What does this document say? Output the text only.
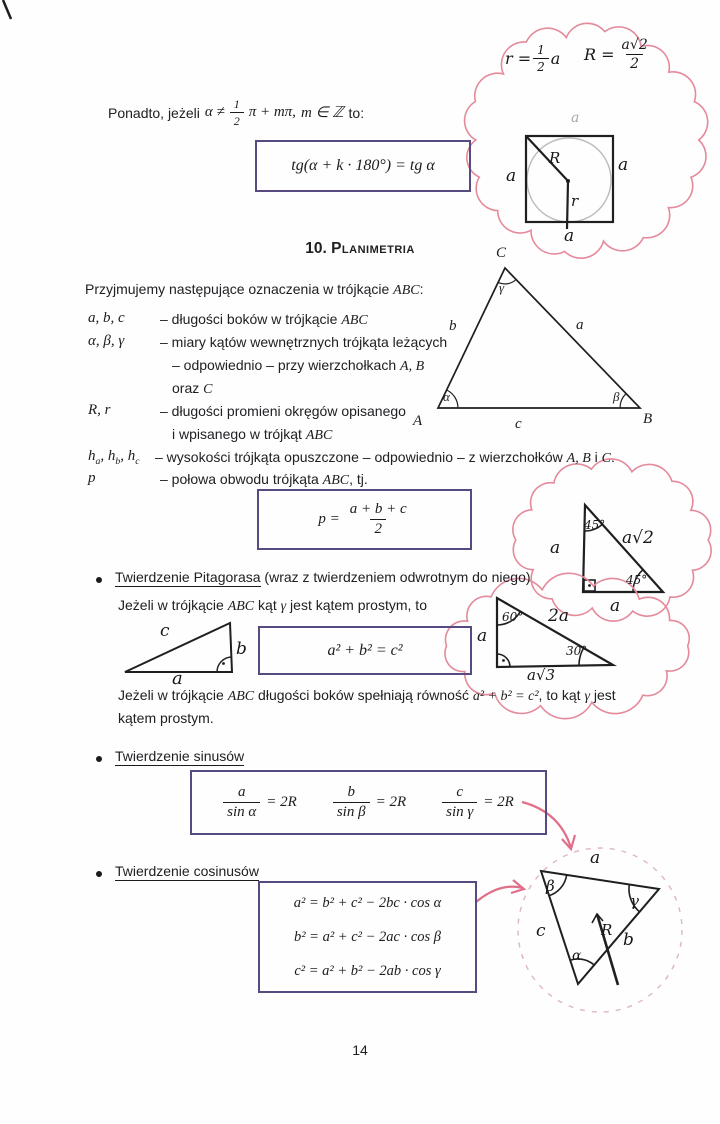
Ponadto, jeżeli $\alpha \ne \frac{1}{2}$ π + mπ, m ∈ ℤ to:
tg(α + k · 180°) = tg α
$r = \frac{1}{2}$ a $R = \frac{a√2}{2}$
a
a
a
a
R
r
10. Planimetria
Przyjmujemy następujące oznaczenia w trójkącie ABC:
a, b, c	– długości boków w trójkącie ABC
α, β, γ	– miary kątów wewnętrznych trójkąta leżących
– odpowiednio – przy wierzchołkach A, B
oraz C
R, r	– długości promieni okręgów opisanego
i wpisanego w trójkąt ABC
$h_a$, $h_b$, $h_c$ – wysokości trójkąta opuszczone – odpowiednio – z wierzchołków A, B i C.
p	– połowa obwodu trójkąta ABC, tj.
C
A	B
b	a
c
α	β
γ
$p = \frac{a + b + c}{2}$	45°
a	a√2
45°
a
Twierdzenie Pitagorasa (wraz z twierdzeniem odwrotnym do niego)
Jeżeli w trójkącie ABC kąt γ jest kątem prostym, to
c
b
a
a² + b² = c²
60°
a
2a
30°
a√3
Jeżeli w trójkącie ABC długości boków spełniają równość a² + b² = c², to kąt γ jest
kątem prostym.
Twierdzenie sinusów
$\frac{a}{\text{sin α}} = 2R \frac{b}{\text{sin β}} = 2R \frac{c}{\text{sin γ}} = 2R$
Twierdzenie cosinusów
a² = b² + c² − 2bc · cos α
b² = a² + c² − 2ac · cos β
c² = a² + b² − 2ab · cos γ
a
β
γ
c	b
R
α
14
